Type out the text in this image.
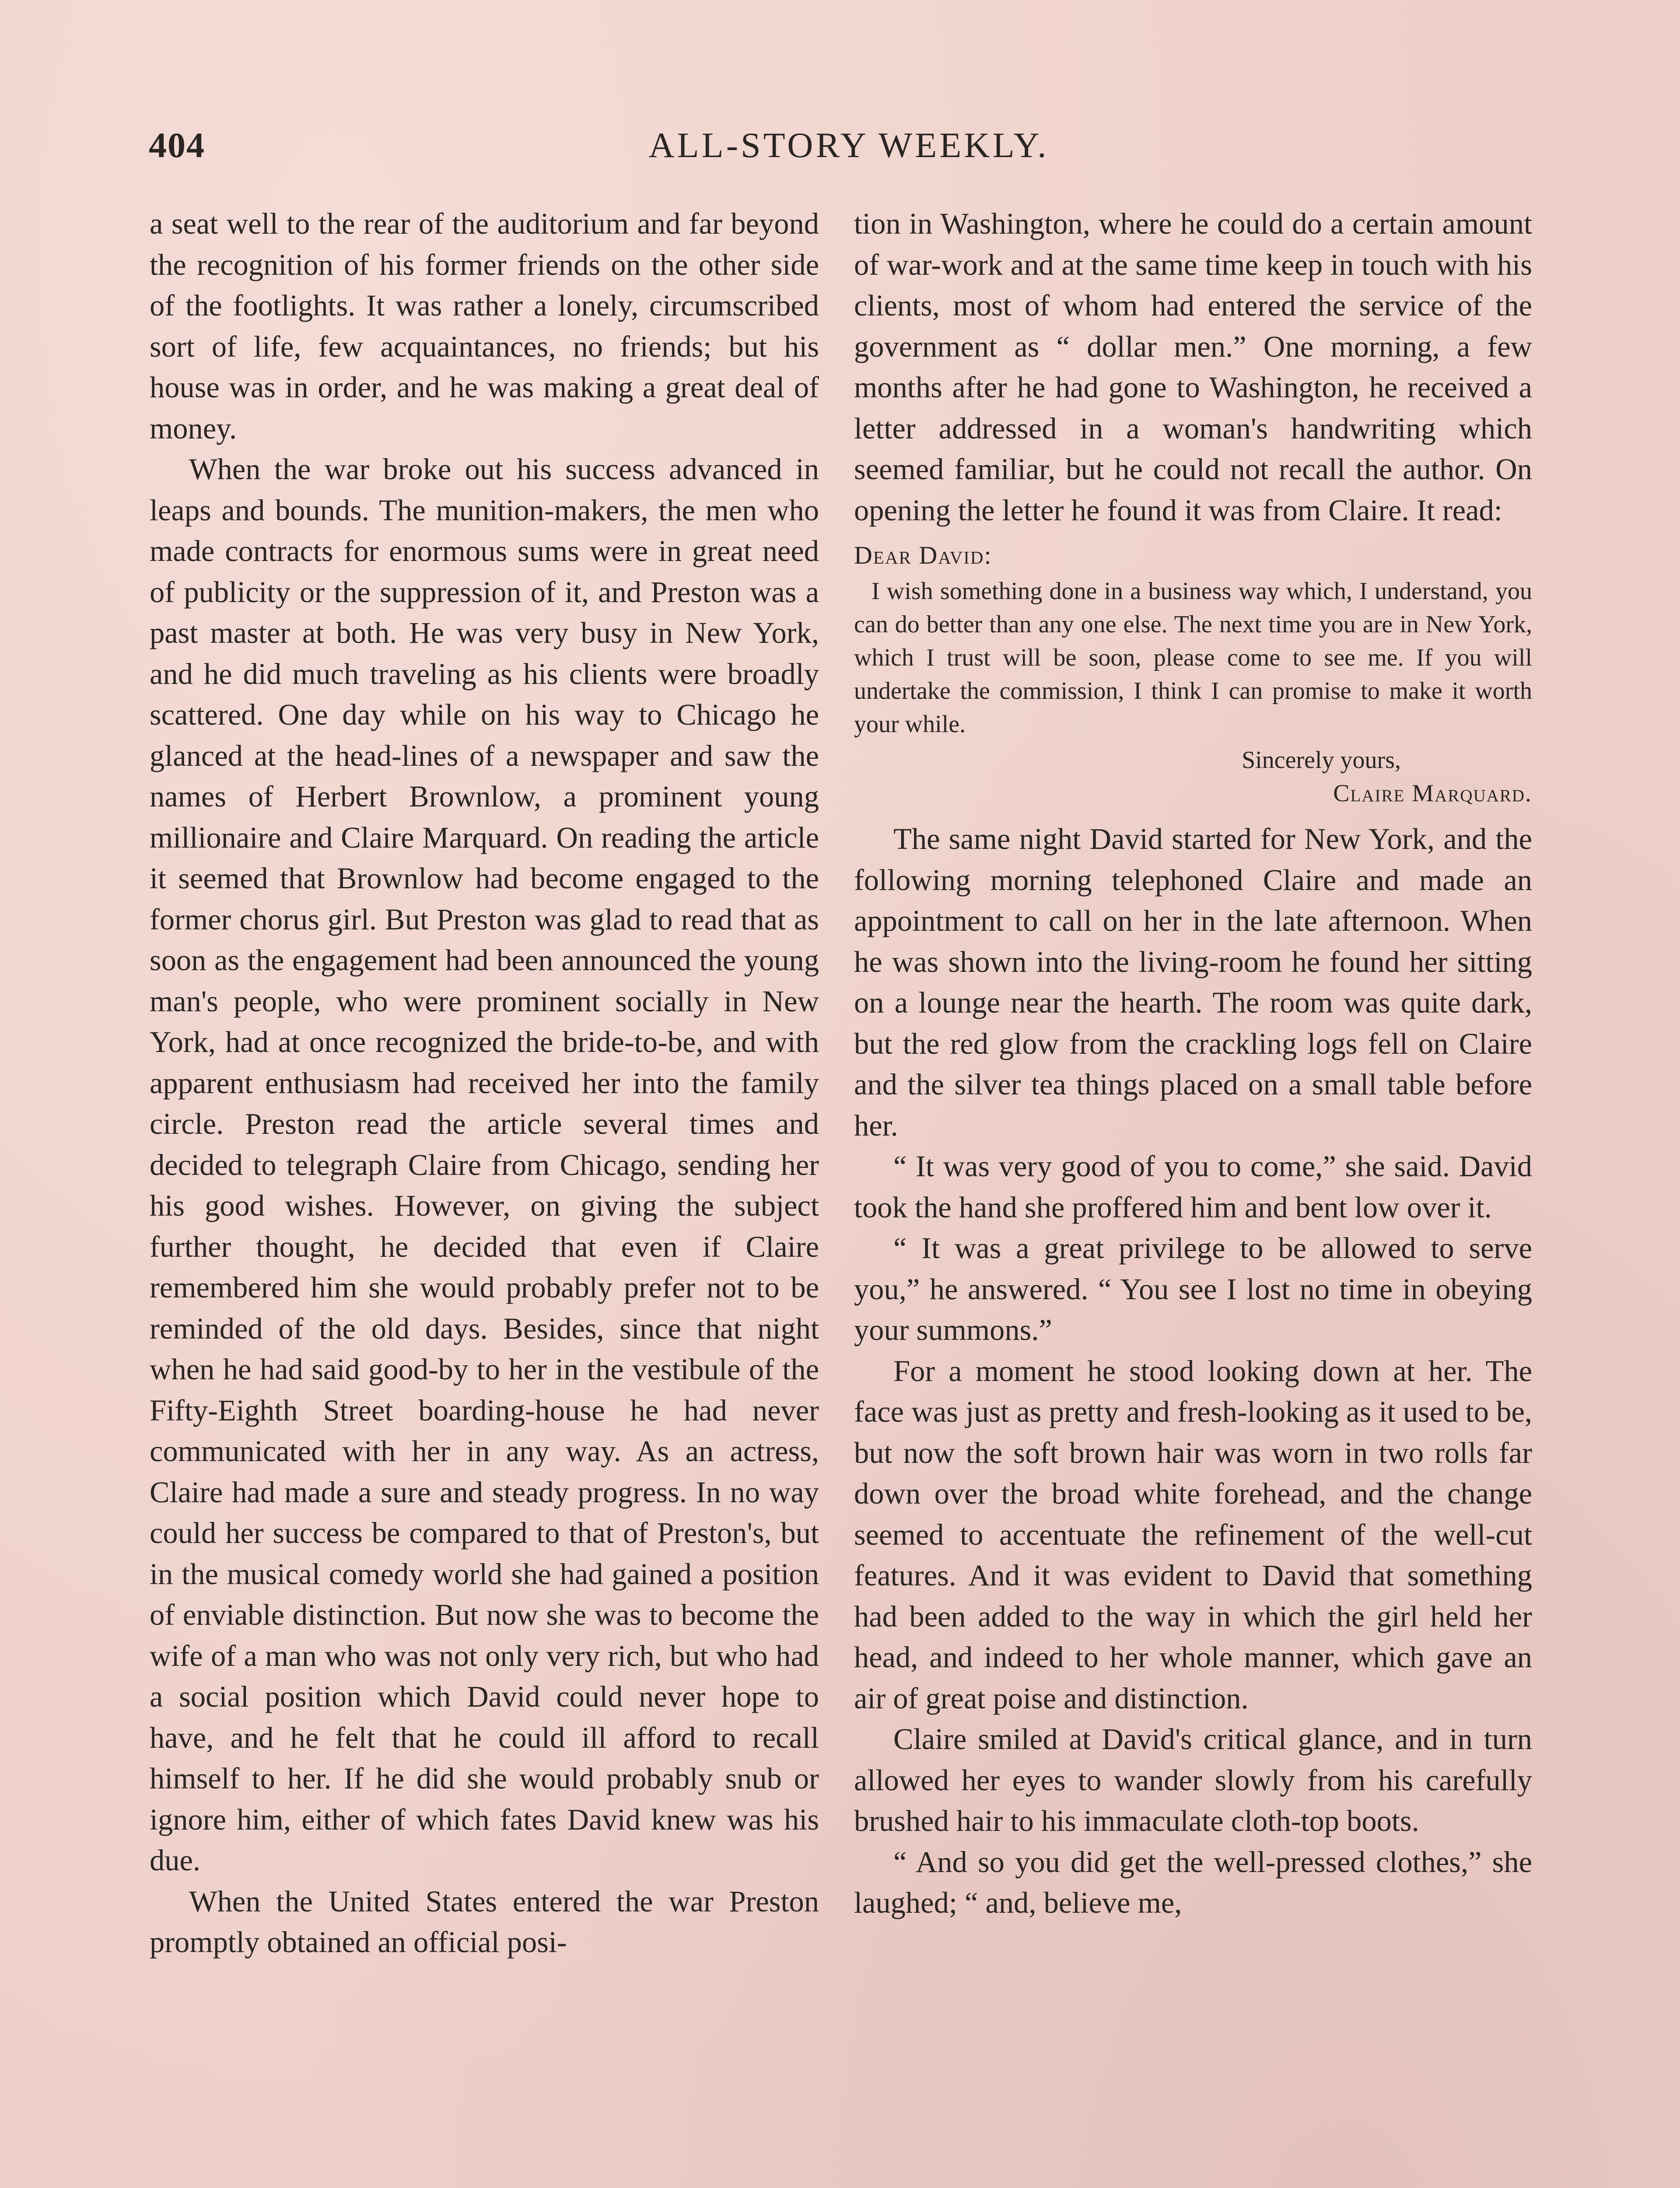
404	ALL-STORY WEEKLY.

a seat well to the rear of the auditorium and far beyond the recognition of his former friends on the other side of the footlights. It was rather a lonely, circumscribed sort of life, few acquaintances, no friends; but his house was in order, and he was making a great deal of money.

When the war broke out his success advanced in leaps and bounds. The munition-makers, the men who made contracts for enormous sums were in great need of publicity or the suppression of it, and Preston was a past master at both. He was very busy in New York, and he did much traveling as his clients were broadly scattered. One day while on his way to Chicago he glanced at the head-lines of a newspaper and saw the names of Herbert Brownlow, a prominent young millionaire and Claire Marquard. On reading the article it seemed that Brownlow had become engaged to the former chorus girl. But Preston was glad to read that as soon as the engagement had been announced the young man's people, who were prominent socially in New York, had at once recognized the bride-to-be, and with apparent enthusiasm had received her into the family circle. Preston read the article several times and decided to telegraph Claire from Chicago, sending her his good wishes. However, on giving the subject further thought, he decided that even if Claire remembered him she would probably prefer not to be reminded of the old days. Besides, since that night when he had said good-by to her in the vestibule of the Fifty-Eighth Street boarding-house he had never communicated with her in any way. As an actress, Claire had made a sure and steady progress. In no way could her success be compared to that of Preston's, but in the musical comedy world she had gained a position of enviable distinction. But now she was to become the wife of a man who was not only very rich, but who had a social position which David could never hope to have, and he felt that he could ill afford to recall himself to her. If he did she would probably snub or ignore him, either of which fates David knew was his due.

When the United States entered the war Preston promptly obtained an official posi-

tion in Washington, where he could do a certain amount of war-work and at the same time keep in touch with his clients, most of whom had entered the service of the government as “ dollar men.” One morning, a few months after he had gone to Washington, he received a letter addressed in a woman's handwriting which seemed familiar, but he could not recall the author. On opening the letter he found it was from Claire. It read:

Dear David:
I wish something done in a business way which, I understand, you can do better than any one else. The next time you are in New York, which I trust will be soon, please come to see me. If you will undertake the commission, I think I can promise to make it worth your while.
Sincerely yours,
Claire Marquard.

The same night David started for New York, and the following morning telephoned Claire and made an appointment to call on her in the late afternoon. When he was shown into the living-room he found her sitting on a lounge near the hearth. The room was quite dark, but the red glow from the crackling logs fell on Claire and the silver tea things placed on a small table before her.

“ It was very good of you to come,” she said. David took the hand she proffered him and bent low over it.

“ It was a great privilege to be allowed to serve you,” he answered. “ You see I lost no time in obeying your summons.”

For a moment he stood looking down at her. The face was just as pretty and fresh-looking as it used to be, but now the soft brown hair was worn in two rolls far down over the broad white forehead, and the change seemed to accentuate the refinement of the well-cut features. And it was evident to David that something had been added to the way in which the girl held her head, and indeed to her whole manner, which gave an air of great poise and distinction.

Claire smiled at David's critical glance, and in turn allowed her eyes to wander slowly from his carefully brushed hair to his immaculate cloth-top boots.

“ And so you did get the well-pressed clothes,” she laughed; “ and, believe me,
